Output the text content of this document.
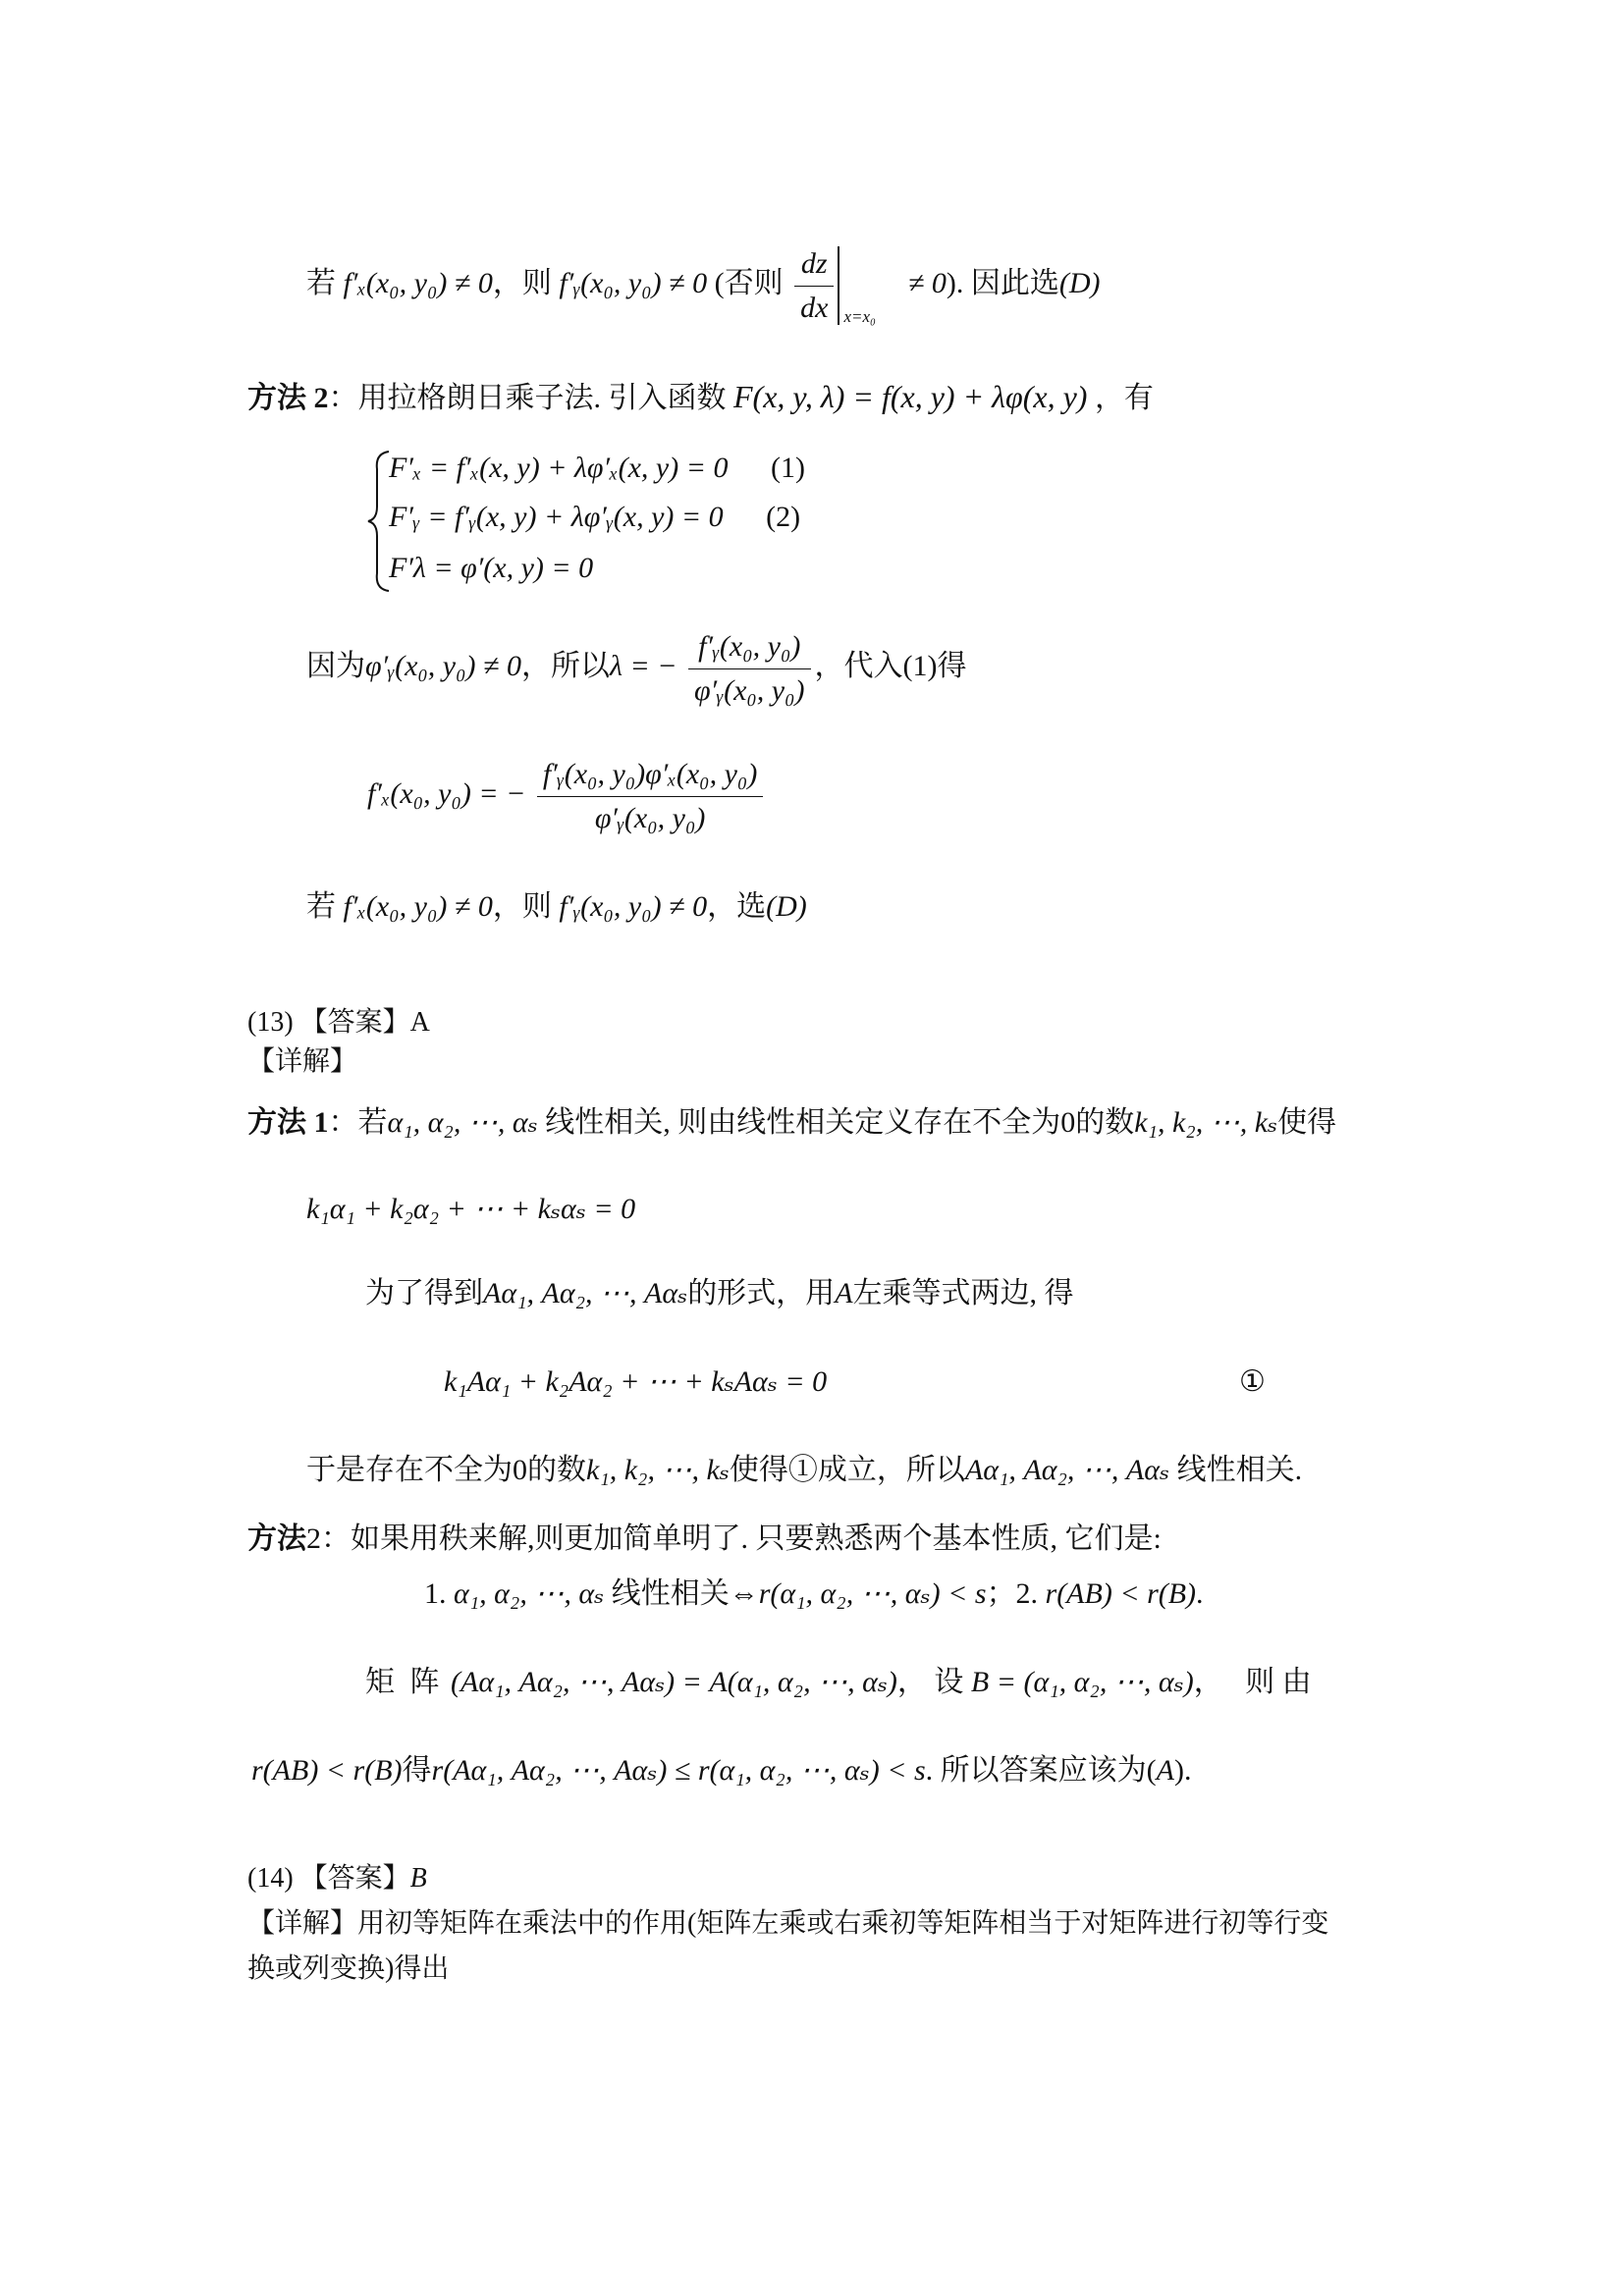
若 f′ₓ(x₀, y₀) ≠ 0，则 f′ᵧ(x₀, y₀) ≠ 0 (否则 $\frac{dz}{dx} x=x_0$
≠ 0). 因此选(D)
方法 2：用拉格朗日乘子法. 引入函数 F(x, y, λ) = f(x, y) + λφ(x, y) ，有
F′ₓ = f′ₓ(x, y) + λφ′ₓ(x, y) = 0 (1)
F′ᵧ = f′ᵧ(x, y) + λφ′ᵧ(x, y) = 0 (2)
F′λ = φ′(x, y) = 0
因为φ′ᵧ(x₀, y₀) ≠ 0，所以λ = − $\frac{\text{f′ᵧ(x₀, y₀)}}{\text{φ′ᵧ(x₀, y₀)}}$ ，代入(1)得
f′ₓ(x₀, y₀) = − $\frac{\text{f′ᵧ(x₀, y₀)φ′ₓ(x₀, y₀)}}{\text{φ′ᵧ(x₀, y₀)}}$
若 f′ₓ(x₀, y₀) ≠ 0，则 f′ᵧ(x₀, y₀) ≠ 0，选(D)
(13) 【答案】A
【详解】
方法 1：若α₁, α₂, ⋯, αₛ 线性相关, 则由线性相关定义存在不全为0的数k₁, k₂, ⋯, kₛ使得
k₁α₁ + k₂α₂ + ⋯ + kₛαₛ = 0
为了得到Aα₁, Aα₂, ⋯, Aαₛ的形式，用A左乘等式两边, 得
k₁Aα₁ + k₂Aα₂ + ⋯ + kₛAαₛ = 0	①
于是存在不全为0的数k₁, k₂, ⋯, kₛ使得①成立，所以Aα₁, Aα₂, ⋯, Aαₛ 线性相关.
方法2：如果用秩来解,则更加简单明了. 只要熟悉两个基本性质, 它们是:
1. α₁, α₂, ⋯, αₛ 线性相关⇔r(α₁, α₂, ⋯, αₛ) < s；2. r(AB) < r(B).
矩 阵 (Aα₁, Aα₂, ⋯, Aαₛ) = A(α₁, α₂, ⋯, αₛ)， 设 B = (α₁, α₂, ⋯, αₛ)，   则 由
r(AB) < r(B)得r(Aα₁, Aα₂, ⋯, Aαₛ) ≤ r(α₁, α₂, ⋯, αₛ) < s. 所以答案应该为(A).
(14) 【答案】B
【详解】用初等矩阵在乘法中的作用(矩阵左乘或右乘初等矩阵相当于对矩阵进行初等行变
换或列变换)得出
